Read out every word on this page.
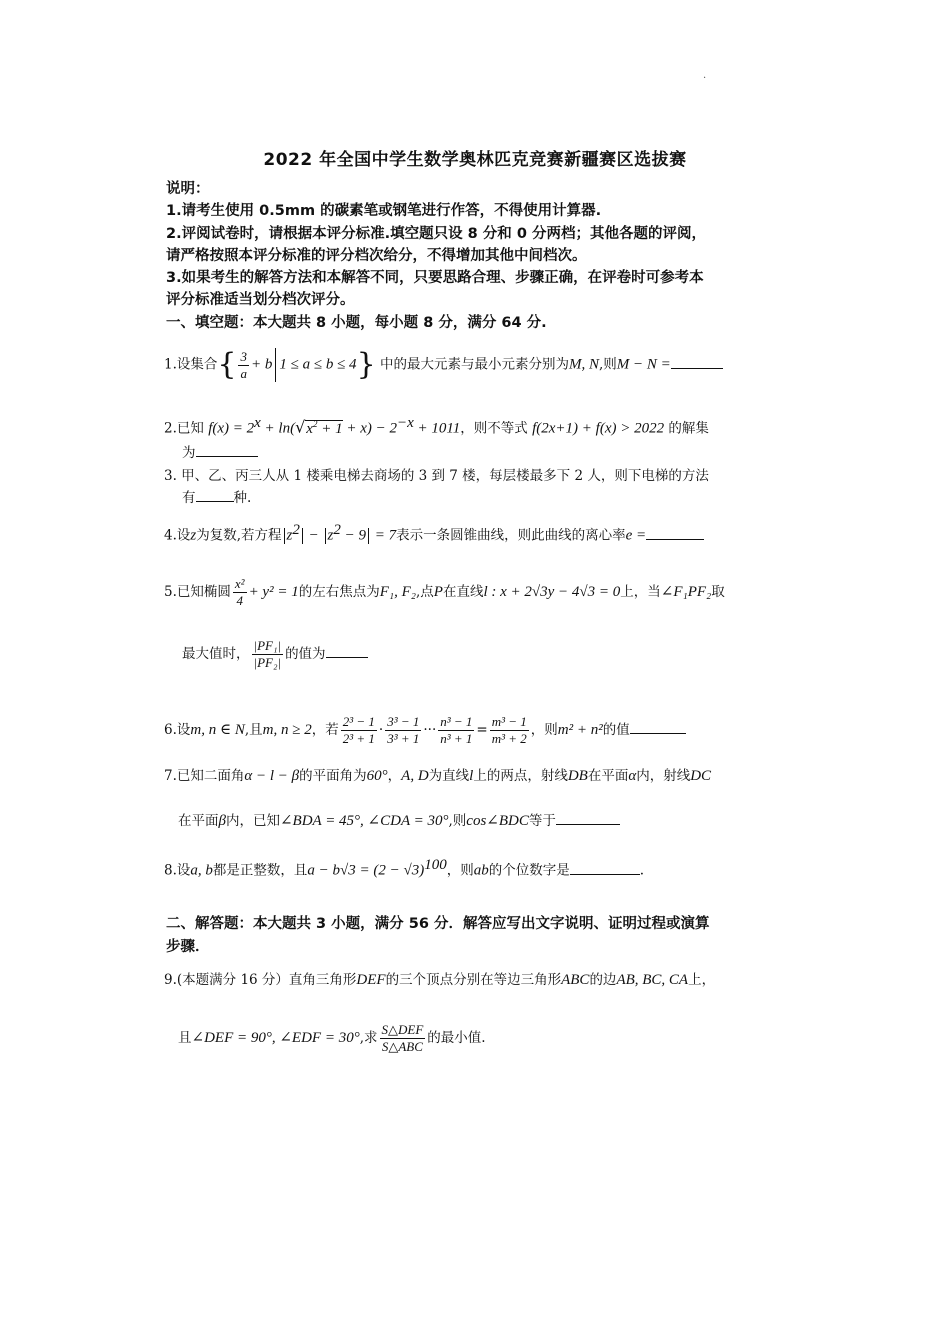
.
2022 年全国中学生数学奥林匹克竞赛新疆赛区选拔赛
说明：
1.请考生使用 0.5mm 的碳素笔或钢笔进行作答，不得使用计算器.
2.评阅试卷时，请根据本评分标准.填空题只设 8 分和 0 分两档；其他各题的评阅，
请严格按照本评分标准的评分档次给分，不得增加其他中间档次。
3.如果考生的解答方法和本解答不同，只要思路合理、步骤正确，在评卷时可参考本
评分标准适当划分档次评分。
一、填空题：本大题共 8 小题，每小题 8 分，满分 64 分.
1.设集合{ $\frac{3}{a} + b$ 1 ≤ a ≤ b ≤ 4} 中的最大元素与最小元素分别为M, N,则M − N =
2.已知 $f(x) = 2^x + \ln(√x^2 + 1 + x) - 2^{-x} + 1011$，则不等式 f(2x+1) + f(x) > 2022 的解集
为
3. 甲、乙、丙三人从 1 楼乘电梯去商场的 3 到 7 楼，每层楼最多下 2 人，则下电梯的方法
有	种.
4.设z为复数,若方程 $z^2 - z^2 - 9 = 7$表示一条圆锥曲线，则此曲线的离心率e =
5.已知椭圆 $\frac{\text{x²}}{4} + y^2 = 1$的左右焦点为F₁, F₂,点P在直线l : x + 2√3y − 4√3 = 0上，当∠F₁PF₂取
最大值时， $\frac{\text{|PF₁|}}{\text{|PF₂|}}$ 的值为
6.设m, n ∈ N,且m, n ≥ 2，若 $\frac{\text{2³ − 1}}{\text{2³ + 1}} \cdot \frac{\text{3³ − 1}}{\text{3³ + 1}}$ ··· $\frac{\text{n³ − 1}}{\text{n³ + 1}} = \frac{\text{m³ − 1}}{\text{m³ + 2}}$ ，则m² + n²的值
7.已知二面角α − l − β的平面角为60°，A, D为直线l上的两点，射线DB在平面α内，射线DC
在平面β内，已知∠BDA = 45°, ∠CDA = 30°,则cos∠BDC等于
8.设a, b都是正整数，且$a - b√3 = (2 - √3)^{100}$，则ab的个位数字是	.
二、解答题：本大题共 3 小题，满分 56 分．解答应写出文字说明、证明过程或演算
步骤．
9.(本题满分 16 分）直角三角形DEF的三个顶点分别在等边三角形ABC的边AB, BC, CA上，
且∠DEF = 90°, ∠EDF = 30°,求 $\frac{\text{S△DEF}}{\text{S△ABC}}$ 的最小值.
